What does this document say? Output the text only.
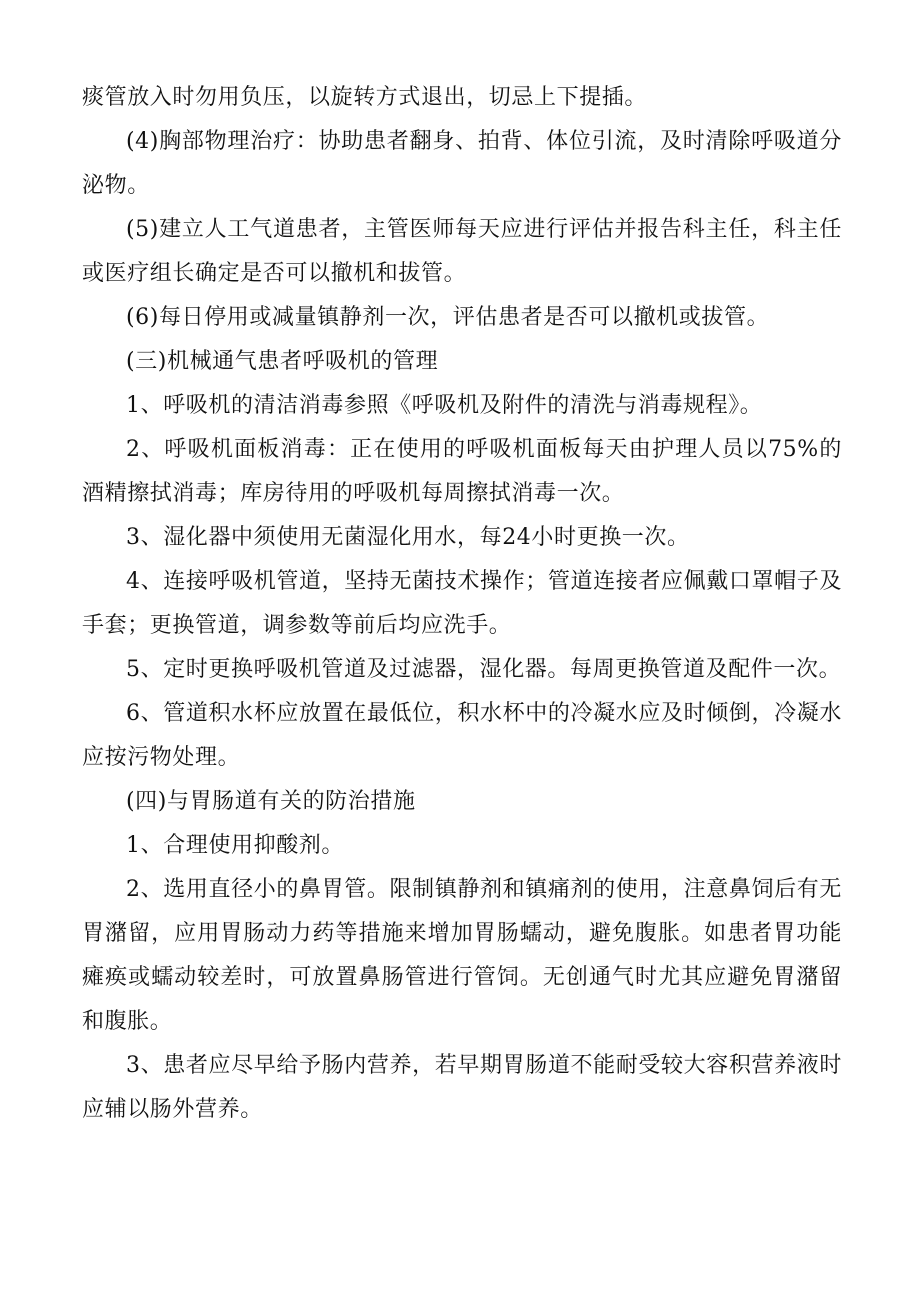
痰管放入时勿用负压，以旋转方式退出，切忌上下提插。

(4)胸部物理治疗：协助患者翻身、拍背、体位引流，及时清除呼吸道分泌物。

(5)建立人工气道患者，主管医师每天应进行评估并报告科主任，科主任或医疗组长确定是否可以撤机和拔管。

(6)每日停用或减量镇静剂一次，评估患者是否可以撤机或拔管。

(三)机械通气患者呼吸机的管理

1、呼吸机的清洁消毒参照《呼吸机及附件的清洗与消毒规程》。

2、呼吸机面板消毒：正在使用的呼吸机面板每天由护理人员以75%的酒精擦拭消毒；库房待用的呼吸机每周擦拭消毒一次。

3、湿化器中须使用无菌湿化用水，每24小时更换一次。

4、连接呼吸机管道，坚持无菌技术操作；管道连接者应佩戴口罩帽子及手套；更换管道，调参数等前后均应洗手。

5、定时更换呼吸机管道及过滤器，湿化器。每周更换管道及配件一次。

6、管道积水杯应放置在最低位，积水杯中的冷凝水应及时倾倒，冷凝水应按污物处理。

(四)与胃肠道有关的防治措施

1、合理使用抑酸剂。

2、选用直径小的鼻胃管。限制镇静剂和镇痛剂的使用，注意鼻饲后有无胃潴留，应用胃肠动力药等措施来增加胃肠蠕动，避免腹胀。如患者胃功能瘫痪或蠕动较差时，可放置鼻肠管进行管饲。无创通气时尤其应避免胃潴留和腹胀。

3、患者应尽早给予肠内营养，若早期胃肠道不能耐受较大容积营养液时应辅以肠外营养。
